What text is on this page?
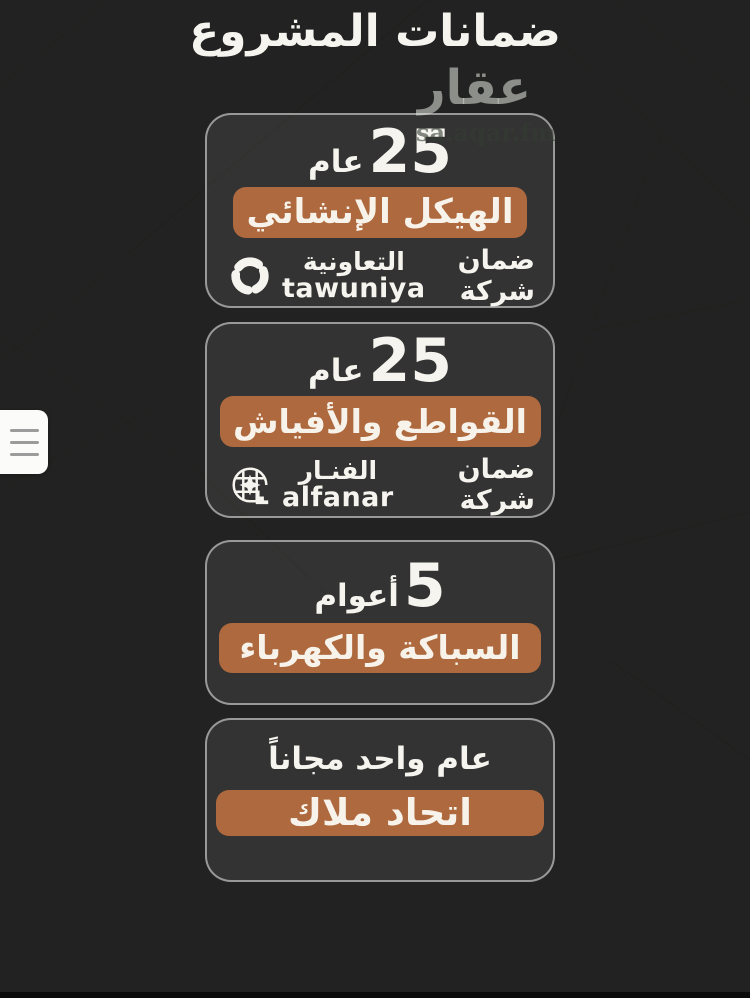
ضمانات المشروع
عقار
sa.aqar.fm
25
عام
الهيكل الإنشائي
ضمان شركة
التعاونية
tawuniya
25
عام
القواطع والأفياش
ضمان شركة
الفنـار
alfanar
5
أعوام
السباكة والكهرباء
عام واحد مجاناً
اتحاد ملاك
